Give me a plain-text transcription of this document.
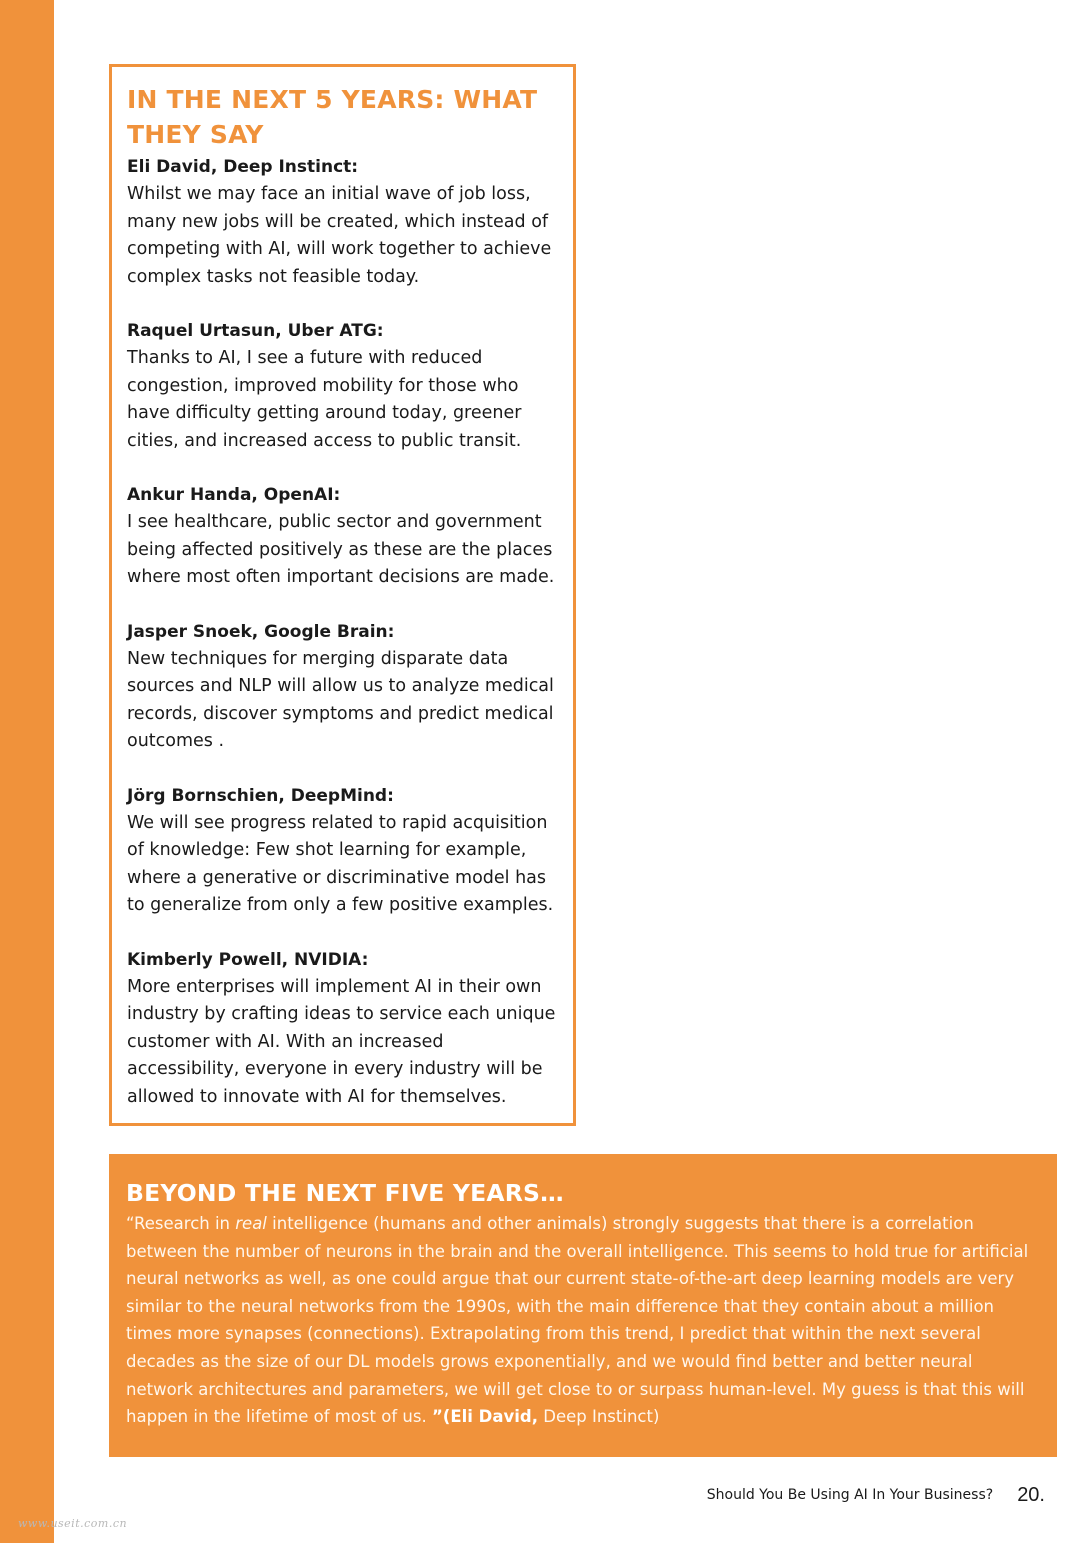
IN THE NEXT 5 YEARS: WHAT THEY SAY
Eli David, Deep Instinct:
Whilst we may face an initial wave of job loss, many new jobs will be created, which instead of competing with AI, will work together to achieve complex tasks not feasible today.
Raquel Urtasun, Uber ATG:
Thanks to AI, I see a future with reduced congestion, improved mobility for those who have difficulty getting around today, greener cities, and increased access to public transit.
Ankur Handa, OpenAI:
I see healthcare, public sector and government being affected positively as these are the places where most often important decisions are made.
Jasper Snoek, Google Brain:
New techniques for merging disparate data sources and NLP will allow us to analyze medical records, discover symptoms and predict medical outcomes .
Jörg Bornschien, DeepMind:
We will see progress related to rapid acquisition of knowledge: Few shot learning for example, where a generative or discriminative model has to generalize from only a few positive examples.
Kimberly Powell, NVIDIA:
More enterprises will implement AI in their own industry by crafting ideas to service each unique customer with AI. With an increased accessibility, everyone in every industry will be allowed to innovate with AI for themselves.
BEYOND THE NEXT FIVE YEARS…

“Research in real intelligence (humans and other animals) strongly suggests that there is a correlation between the number of neurons in the brain and the overall intelligence. This seems to hold true for artificial neural networks as well, as one could argue that our current state-of-the-art deep learning models are very similar to the neural networks from the 1990s, with the main difference that they contain about a million times more synapses (connections). Extrapolating from this trend, I predict that within the next several decades as the size of our DL models grows exponentially, and we would find better and better neural network architectures and parameters, we will get close to or surpass human-level. My guess is that this will happen in the lifetime of most of us. ”(Eli David, Deep Instinct)

Should You Be Using AI In Your Business? 20.
www.useit.com.cn
